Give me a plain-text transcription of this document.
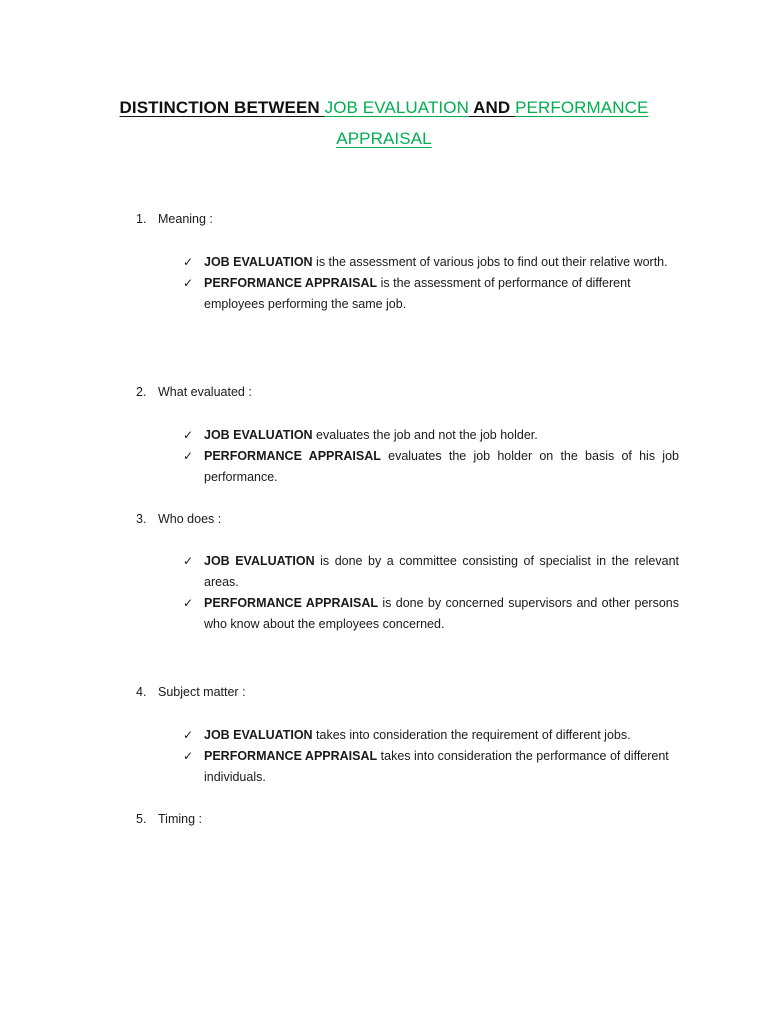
DISTINCTION BETWEEN JOB EVALUATION AND PERFORMANCE
APPRAISAL
1. Meaning :
✓ JOB EVALUATION is the assessment of various jobs to find out their relative worth.
✓ PERFORMANCE APPRAISAL is the assessment of performance of different employees performing the same job.
2. What evaluated :
✓ JOB EVALUATION evaluates the job and not the job holder.
✓ PERFORMANCE APPRAISAL evaluates the job holder on the basis of his job performance.
3. Who does :
✓ JOB EVALUATION is done by a committee consisting of specialist in the relevant areas.
✓ PERFORMANCE APPRAISAL is done by concerned supervisors and other persons who know about the employees concerned.
4. Subject matter :
✓ JOB EVALUATION takes into consideration the requirement of different jobs.
✓ PERFORMANCE APPRAISAL takes into consideration the performance of different individuals.
5. Timing :
